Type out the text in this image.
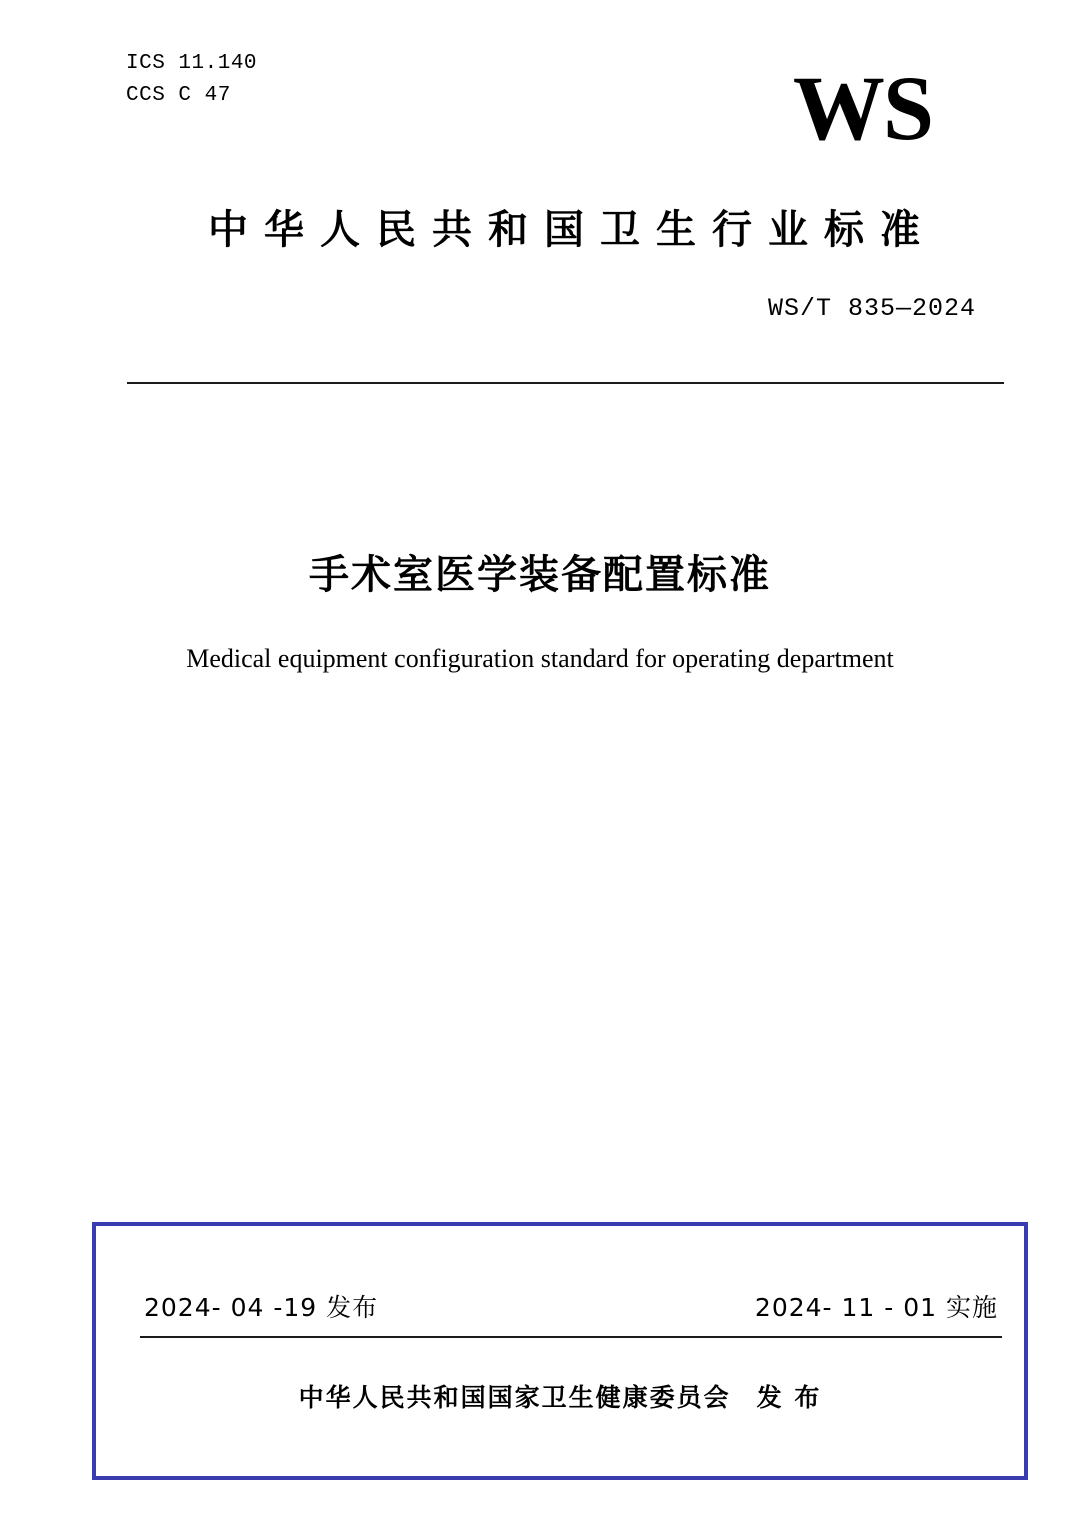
ICS 11.140
CCS C 47	WS
中华人民共和国卫生行业标准
WS/T 835—2024
手术室医学装备配置标准
Medical equipment configuration standard for operating department
2024- 04 -19 发布	2024- 11 - 01 实施
中华人民共和国国家卫生健康委员会 发 布
